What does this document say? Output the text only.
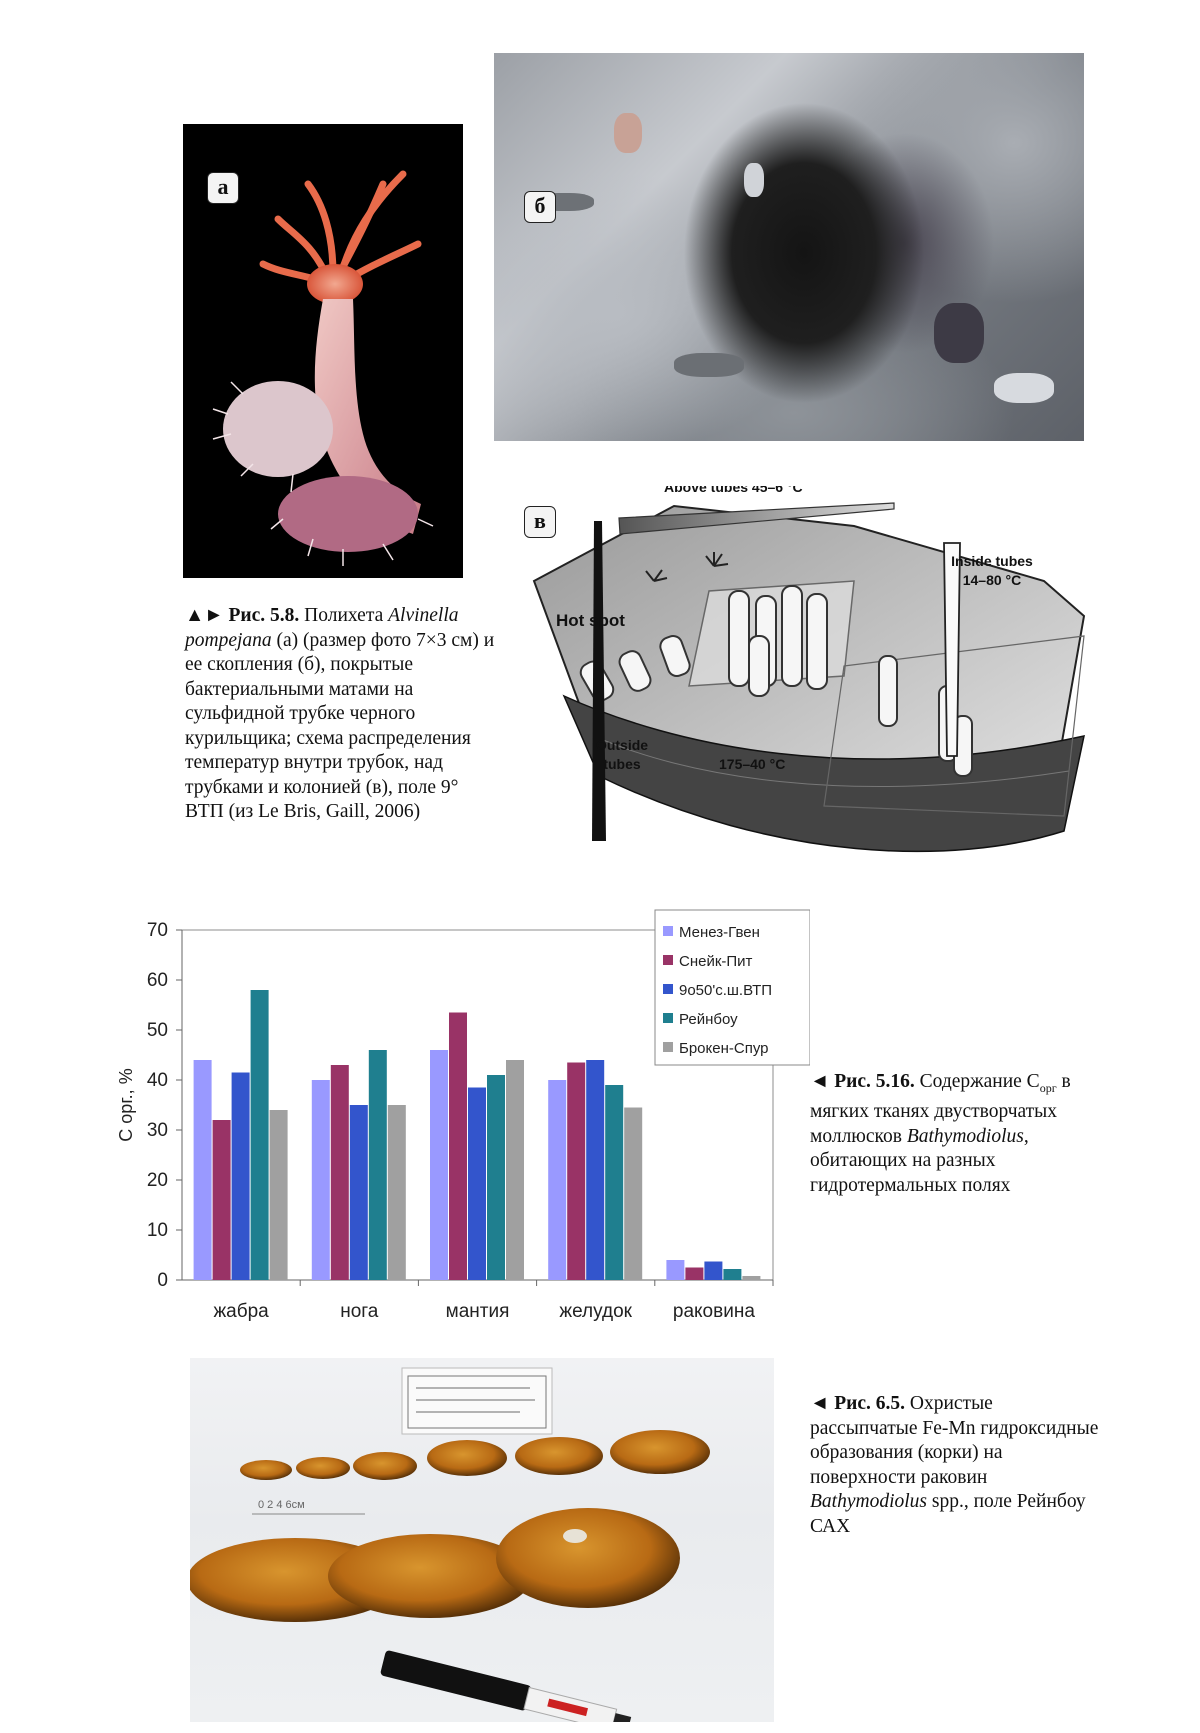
а
б
▲► Рис. 5.8. Полихета Alvinella pompejana (а) (размер фото 7×3 см) и ее скопления (б), покрытые бактериальными матами на сульфидной трубке черного курильщика; схема распределения температур внутри трубок, над трубками и колонией (в), поле 9° ВТП (из Le Bris, Gaill, 2006)
Above tubes 45–6 °C
Inside tubes
14–80 °C
Hot spot
Outside
tubes	175–40 °C
в
0
10
20
30
40
50
60
70
С орг., %
жабра	нога	мантия	желудок раковина
Менез-Гвен
Снейк-Пит
9о50'с.ш.ВТП
Рейнбоу
Брокен-Спур
◄ Рис. 5.16. Содержание $С_{орг}$ в мягких тканях двустворчатых моллюсков Bathymodiolus, обитающих на разных гидротермальных полях
0 2 4 6см
◄ Рис. 6.5. Охристые рассыпчатые Fe-Mn гидроксидные образования (корки) на поверхности раковин Bathymodiolus spp., поле Рейнбоу САХ
